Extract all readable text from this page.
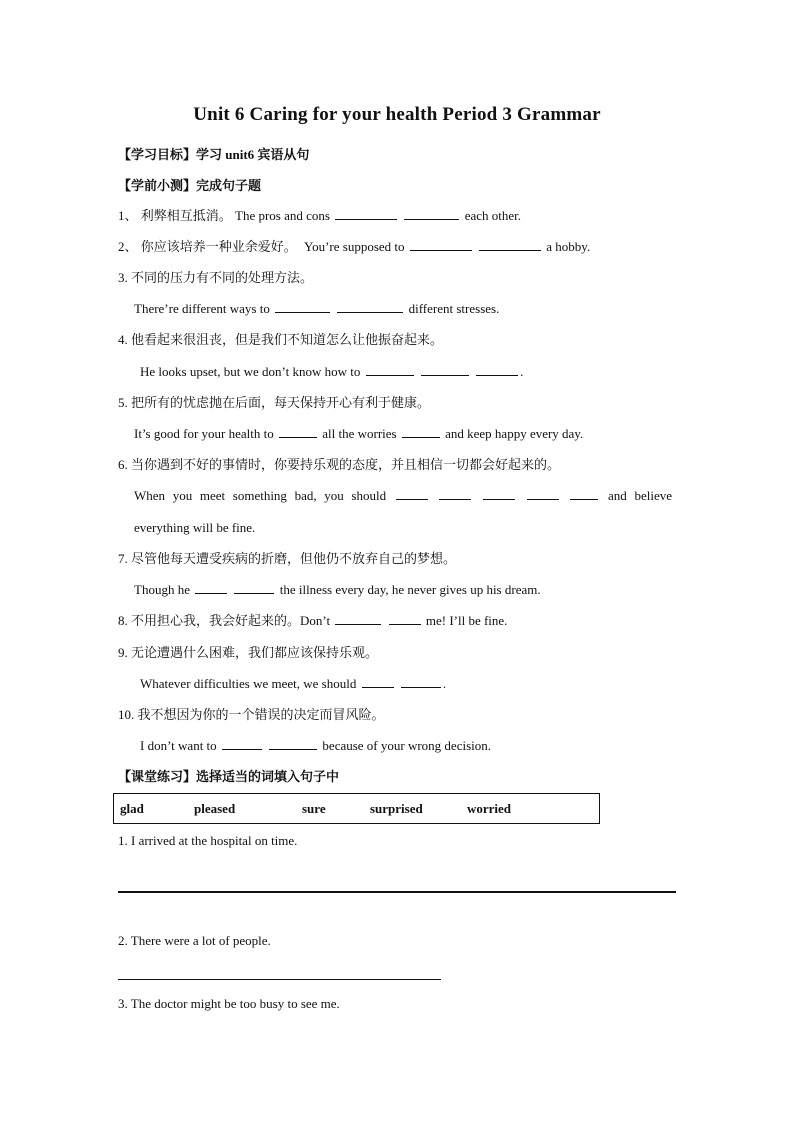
Unit 6 Caring for your health Period 3 Grammar
【学习目标】学习 unit6 宾语从句
【学前小测】完成句子题
1、 利弊相互抵消。 The pros and cons	each other.
2、 你应该培养一种业余爱好。 You’re supposed to	a hobby.
3. 不同的压力有不同的处理方法。
There’re different ways to	different stresses.
4. 他看起来很沮丧，但是我们不知道怎么让他振奋起来。
He looks upset, but we don’t know how to	.
5. 把所有的忧虑抛在后面，每天保持开心有利于健康。
It’s good for your health to	all the worries	and keep happy every day.
6. 当你遇到不好的事情时，你要持乐观的态度，并且相信一切都会好起来的。
When you meet something bad, you should	and believe
everything will be fine.
7. 尽管他每天遭受疾病的折磨，但他仍不放弃自己的梦想。
Though he	the illness every day, he never gives up his dream.
8. 不用担心我，我会好起来的。Don’t	me! I’ll be fine.
9. 无论遭遇什么困难，我们都应该保持乐观。
Whatever difficulties we meet, we should	.
10. 我不想因为你的一个错误的决定而冒风险。
I don’t want to	because of your wrong decision.
【课堂练习】选择适当的词填入句子中
glad	pleased	sure	surprised	worried
1. I arrived at the hospital on time.
2. There were a lot of people.
3. The doctor might be too busy to see me.
